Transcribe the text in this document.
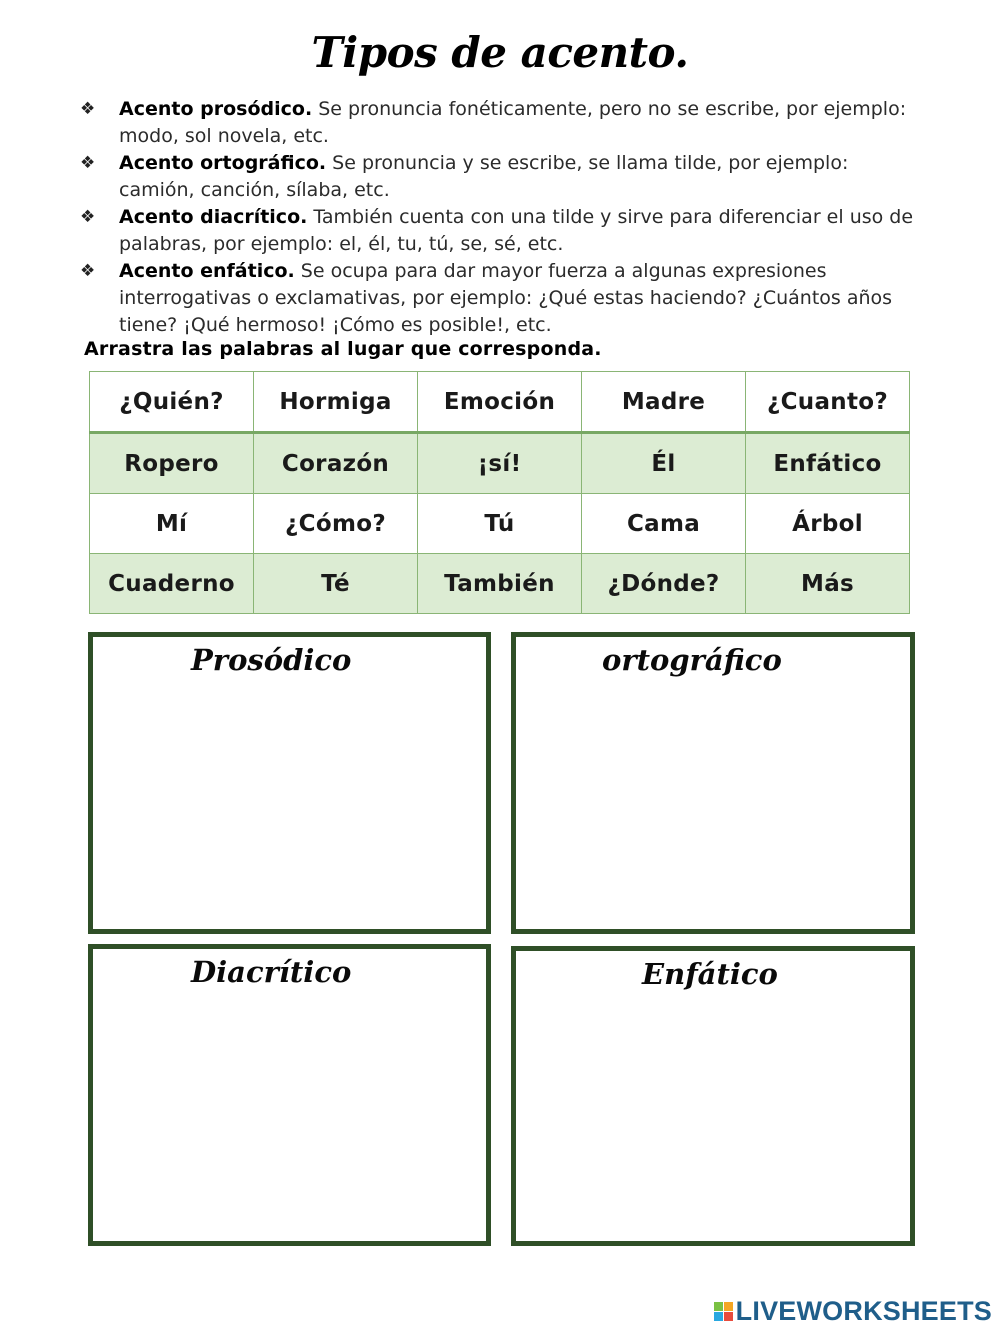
Tipos de acento.
❖ Acento prosódico. Se pronuncia fonéticamente, pero no se escribe, por ejemplo: modo, sol novela, etc.
❖ Acento ortográfico. Se pronuncia y se escribe, se llama tilde, por ejemplo: camión, canción, sílaba, etc.
❖ Acento diacrítico. También cuenta con una tilde y sirve para diferenciar el uso de palabras, por ejemplo: el, él, tu, tú, se, sé, etc.
❖ Acento enfático. Se ocupa para dar mayor fuerza a algunas expresiones interrogativas o exclamativas, por ejemplo: ¿Qué estas haciendo? ¿Cuántos años tiene? ¡Qué hermoso! ¡Cómo es posible!, etc.
Arrastra las palabras al lugar que corresponda.
¿Quién?	Hormiga	Emoción	Madre	¿Cuanto?
Ropero	Corazón	¡sí!	Él	Enfático
Mí	¿Cómo?	Tú	Cama	Árbol
Cuaderno	Té	También	¿Dónde?	Más
Prosódico	ortográfico
Diacrítico	Enfático
LIVEWORKSHEETS
